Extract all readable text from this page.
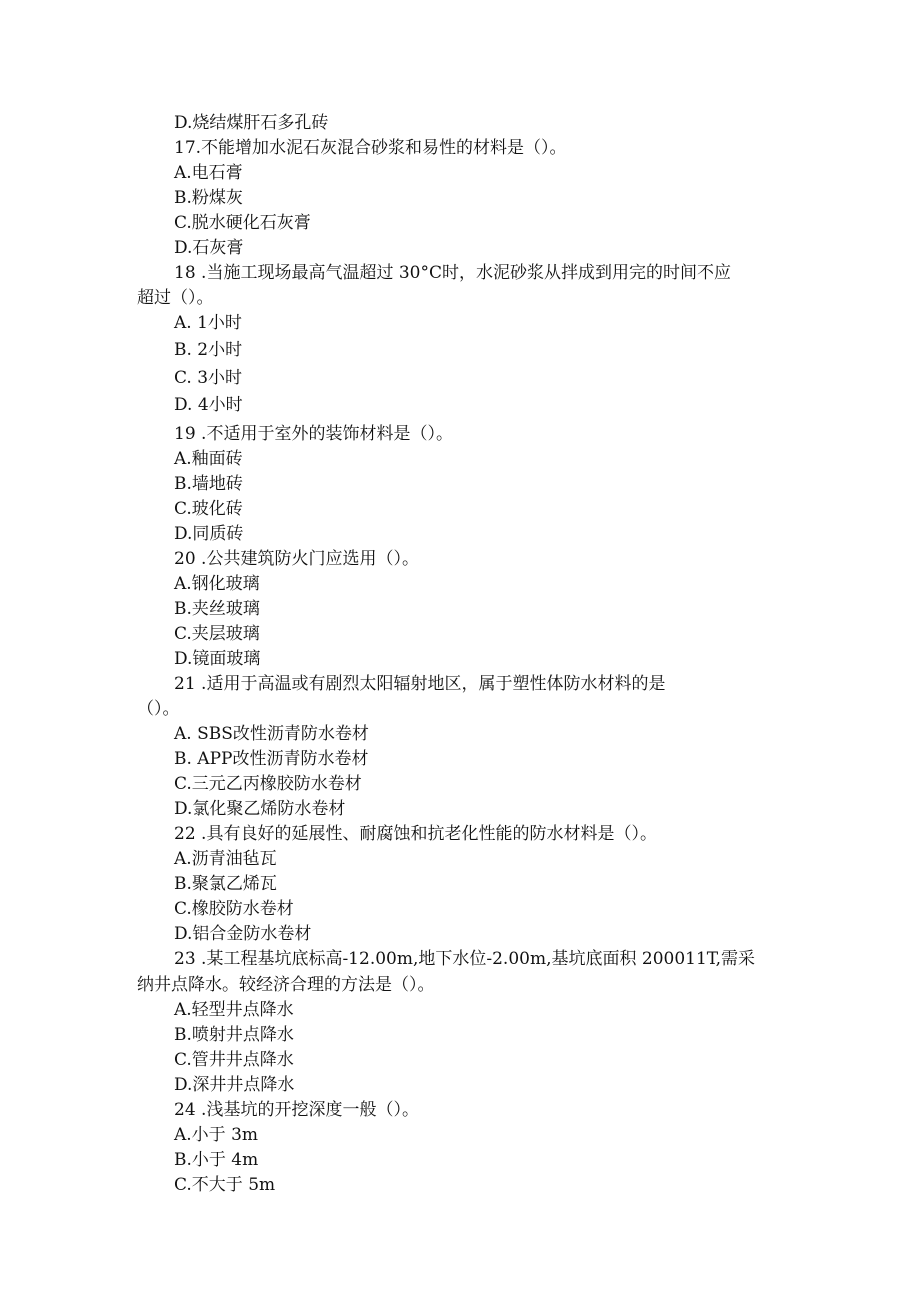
D.烧结煤肝石多孔砖
17.不能增加水泥石灰混合砂浆和易性的材料是（）。
A.电石膏
B.粉煤灰
C.脱水硬化石灰膏
D.石灰膏
18 .当施工现场最高气温超过 30°C时，水泥砂浆从拌成到用完的时间不应
超过（）。
A. 1小时
B. 2小时
C. 3小时
D. 4小时
19 .不适用于室外的装饰材料是（）。
A.釉面砖
B.墙地砖
C.玻化砖
D.同质砖
20 .公共建筑防火门应选用（）。
A.钢化玻璃
B.夹丝玻璃
C.夹层玻璃
D.镜面玻璃
21 .适用于高温或有剧烈太阳辐射地区，属于塑性体防水材料的是
（）。
A. SBS改性沥青防水卷材
B. APP改性沥青防水卷材
C.三元乙丙橡胶防水卷材
D.氯化聚乙烯防水卷材
22 .具有良好的延展性、耐腐蚀和抗老化性能的防水材料是（）。
A.沥青油毡瓦
B.聚氯乙烯瓦
C.橡胶防水卷材
D.铝合金防水卷材
23 .某工程基坑底标高-12.00m,地下水位-2.00m,基坑底面积 200011T,需采
纳井点降水。较经济合理的方法是（）。
A.轻型井点降水
B.喷射井点降水
C.管井井点降水
D.深井井点降水
24 .浅基坑的开挖深度一般（）。
A.小于 3m
B.小于 4m
C.不大于 5m
